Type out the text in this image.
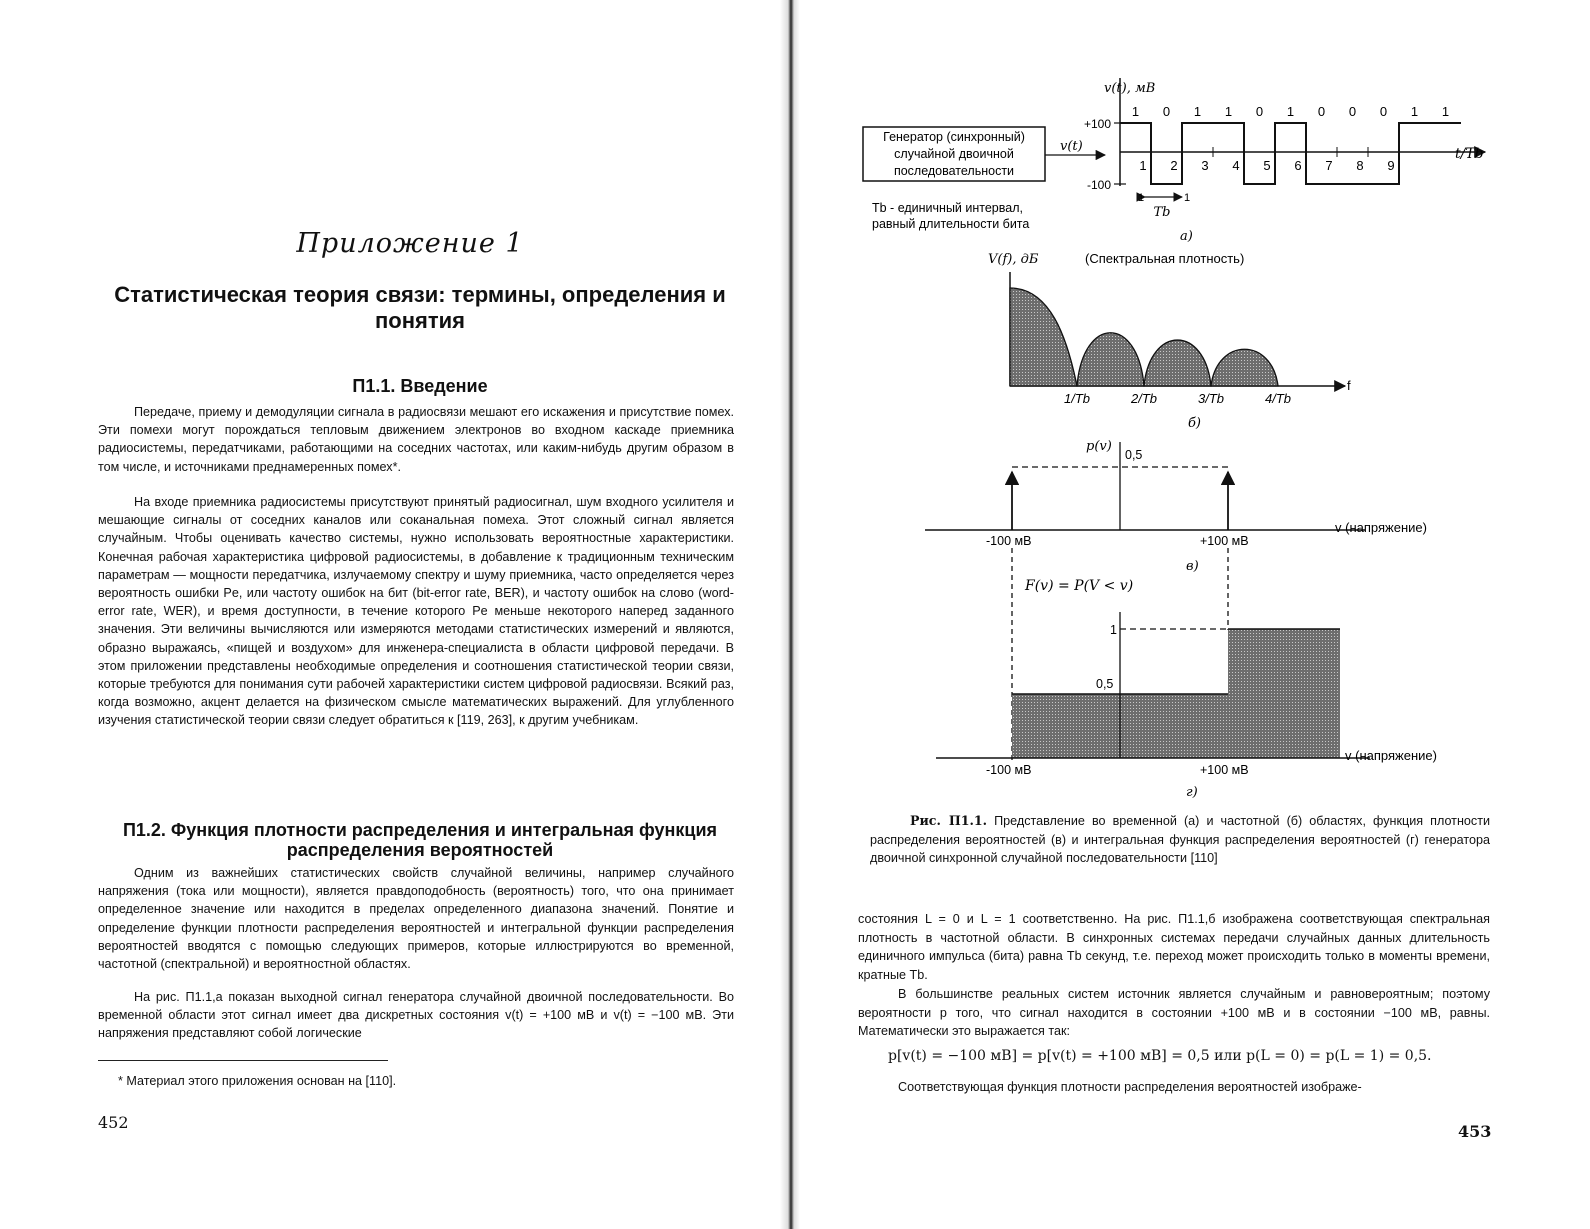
Приложение 1
Статистическая теория связи: термины, определения и понятия
П1.1. Введение

Передаче, приему и демодуляции сигнала в радиосвязи мешают его искажения и присутствие помех. Эти помехи могут порождаться тепловым движением электронов во входном каскаде приемника радиосистемы, передатчиками, работающими на соседних частотах, или каким-нибудь другим образом в том числе, и источниками преднамеренных помех*.

На входе приемника радиосистемы присутствуют принятый радиосигнал, шум входного усилителя и мешающие сигналы от соседних каналов или соканальная помеха. Этот сложный сигнал является случайным. Чтобы оценивать качество системы, нужно использовать вероятностные характеристики. Конечная рабочая характеристика цифровой радиосистемы, в добавление к традиционным техническим параметрам — мощности передатчика, излучаемому спектру и шуму приемника, часто определяется через вероятность ошибки Pe, или частоту ошибок на бит (bit-error rate, BER), и частоту ошибок на слово (word-error rate, WER), и время доступности, в течение которого Pe меньше некоторого наперед заданного значения. Эти величины вычисляются или измеряются методами статистических измерений и являются, образно выражаясь, «пищей и воздухом» для инженера-специалиста в области цифровой передачи. В этом приложении представлены необходимые определения и соотношения статистической теории связи, которые требуются для понимания сути рабочей характеристики систем цифровой радиосвязи. Всякий раз, когда возможно, акцент делается на физическом смысле математических выражений. Для углубленного изучения статистической теории связи следует обратиться к [119, 263], к другим учебникам.

П1.2. Функция плотности распределения и интегральная функция распределения вероятностей

Одним из важнейших статистических свойств случайной величины, например случайного напряжения (тока или мощности), является правдоподобность (вероятность) того, что она принимает определенное значение или находится в пределах определенного диапазона значений. Понятие и определение функции плотности распределения вероятностей и интегральной функции распределения вероятностей вводятся с помощью следующих примеров, которые иллюстрируются во временной, частотной (спектральной) и вероятностной областях.

На рис. П1.1,а показан выходной сигнал генератора случайной двоичной последовательности. Во временной области этот сигнал имеет два дискретных состояния v(t) = +100 мВ и v(t) = −100 мВ. Эти напряжения представляют собой логические

* Материал этого приложения основан на [110].
452
v(t), мВ
+100
-100
1 0 1 1 0 1 0 0 0 1 1
1 2 3 4 5 6 7 8 9
Генератор (синхронный)
случайной двоичной
последовательности
v(t)	t/Tb
1	1
Tb
Tb - единичный интервал,
равный длительности бита
а)
V(f), дБ	(Спектральная плотность)
1/Tb	2/Tb	3/Tb	4/Tb
f
б)
p(v)
0,5
-100 мВ	+100 мВ
v (напряжение)
в)
F(v) = P(V < v)
1
0,5
-100 мВ	+100 мВ
v (напряжение)
г)

Рис. П1.1. Представление во временной (а) и частотной (б) областях, функция плотности распределения вероятностей (в) и интегральная функция распределения вероятностей (г) генератора двоичной синхронной случайной последовательности [110]

состояния L = 0 и L = 1 соответственно. На рис. П1.1,б изображена соответствующая спектральная плотность в частотной области. В синхронных системах передачи случайных данных длительность единичного импульса (бита) равна Tb секунд, т.е. переход может происходить только в моменты времени, кратные Tb.

В большинстве реальных систем источник является случайным и равновероятным; поэтому вероятности p того, что сигнал находится в состоянии +100 мВ и в состоянии −100 мВ, равны. Математически это выражается так:

p[v(t) = −100 мВ] = p[v(t) = +100 мВ] = 0,5 или p(L = 0) = p(L = 1) = 0,5.

Соответствующая функция плотности распределения вероятностей изображе-

453
